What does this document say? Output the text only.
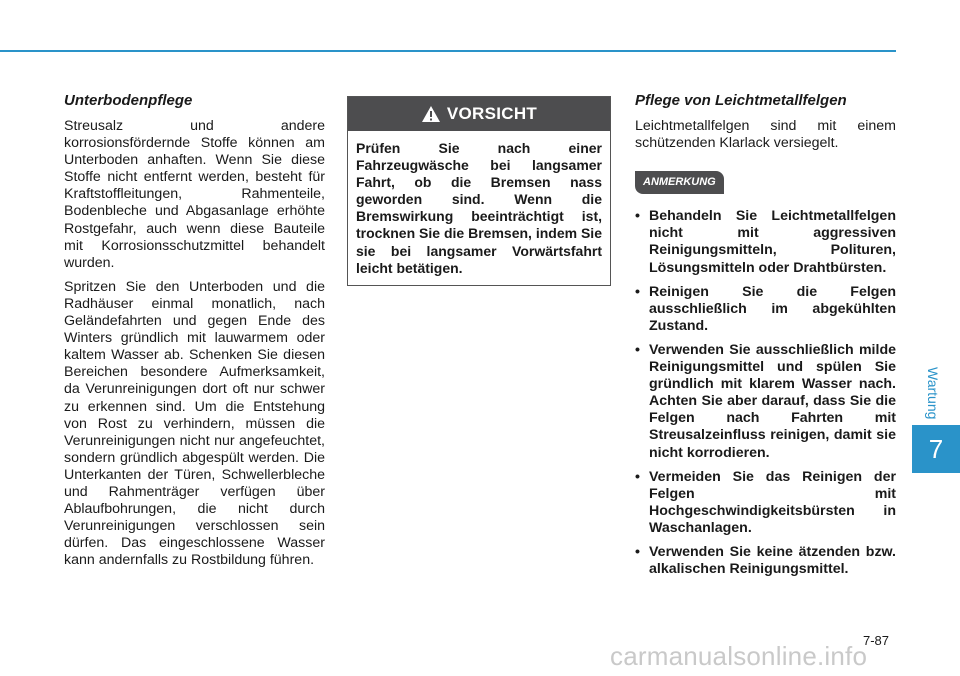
Wartung
7
Unterbodenpflege

Streusalz und andere korrosionsfördernde Stoffe können am Unterboden anhaften. Wenn Sie diese Stoffe nicht entfernt werden, besteht für Kraftstoffleitungen, Rahmenteile, Bodenbleche und Abgasanlage erhöhte Rostgefahr, auch wenn diese Bauteile mit Korrosionsschutzmittel behandelt wurden.

Spritzen Sie den Unterboden und die Radhäuser einmal monatlich, nach Geländefahrten und gegen Ende des Winters gründlich mit lauwarmem oder kaltem Wasser ab. Schenken Sie diesen Bereichen besondere Aufmerksamkeit, da Verunreinigungen dort oft nur schwer zu erkennen sind. Um die Entstehung von Rost zu verhindern, müssen die Verunreinigungen nicht nur angefeuchtet, sondern gründlich abgespült werden. Die Unterkanten der Türen, Schwellerbleche und Rahmenträger verfügen über Ablaufbohrungen, die nicht durch Verunreinigungen verschlossen sein dürfen. Das eingeschlossene Wasser kann andernfalls zu Rostbildung führen.

VORSICHT
Prüfen Sie nach einer Fahrzeugwäsche bei langsamer Fahrt, ob die Bremsen nass geworden sind. Wenn die Bremswirkung beeinträchtigt ist, trocknen Sie die Bremsen, indem Sie sie bei langsamer Vorwärtsfahrt leicht betätigen.
Pflege von Leichtmetallfelgen

Leichtmetallfelgen sind mit einem schützenden Klarlack versiegelt.

ANMERKUNG
• Behandeln Sie Leichtmetallfelgen nicht mit aggressiven Reinigungsmitteln, Polituren, Lösungsmitteln oder Drahtbürsten.
• Reinigen Sie die Felgen ausschließlich im abgekühlten Zustand.
• Verwenden Sie ausschließlich milde Reinigungsmittel und spülen Sie gründlich mit klarem Wasser nach. Achten Sie aber darauf, dass Sie die Felgen nach Fahrten mit Streusalzeinfluss reinigen, damit sie nicht korrodieren.
• Vermeiden Sie das Reinigen der Felgen mit Hochgeschwindigkeitsbürsten in Waschanlagen.
• Verwenden Sie keine ätzenden bzw. alkalischen Reinigungsmittel.
7-87
carmanualsonline.info
